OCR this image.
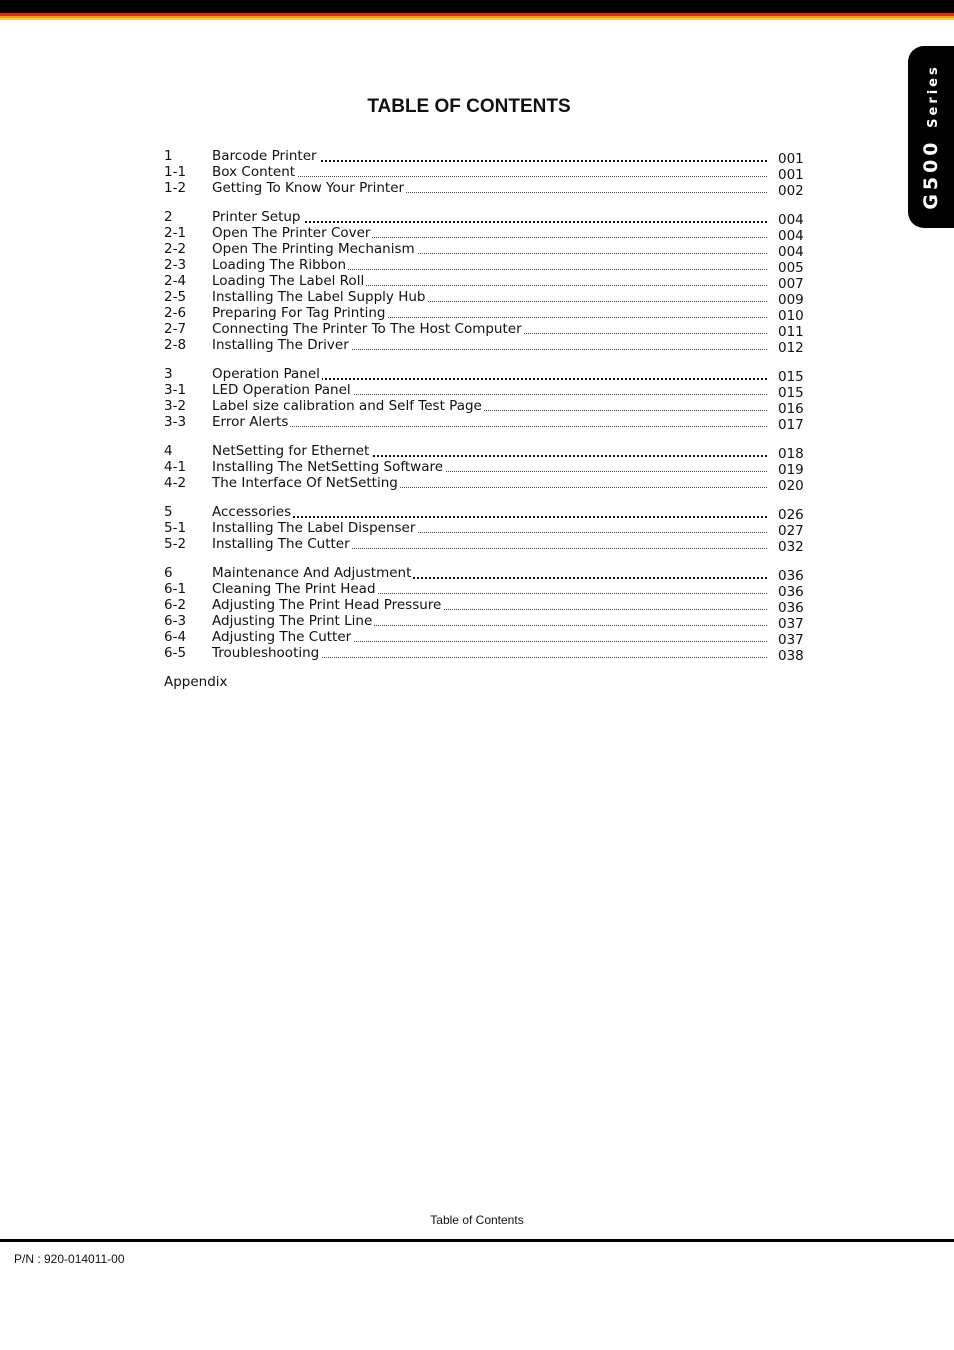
G500 Series
TABLE OF CONTENTS
1	Barcode Printer	001
1-1 Box Content	001
1-2 Getting To Know Your Printer	002
2	Printer Setup	004
2-1 Open The Printer Cover	004
2-2 Open The Printing Mechanism	004
2-3 Loading The Ribbon	005
2-4 Loading The Label Roll	007
2-5 Installing The Label Supply Hub	009
2-6 Preparing For Tag Printing	010
2-7 Connecting The Printer To The Host Computer	011
2-8 Installing The Driver	012
3	Operation Panel	015
3-1 LED Operation Panel	015
3-2 Label size calibration and Self Test Page	016
3-3 Error Alerts	017
4	NetSetting for Ethernet	018
4-1 Installing The NetSetting Software	019
4-2 The Interface Of NetSetting	020
5	Accessories	026
5-1 Installing The Label Dispenser	027
5-2 Installing The Cutter	032
6	Maintenance And Adjustment	036
6-1 Cleaning The Print Head	036
6-2 Adjusting The Print Head Pressure	036
6-3 Adjusting The Print Line	037
6-4 Adjusting The Cutter	037
6-5 Troubleshooting	038
Appendix
Table of Contents
P/N : 920-014011-00
